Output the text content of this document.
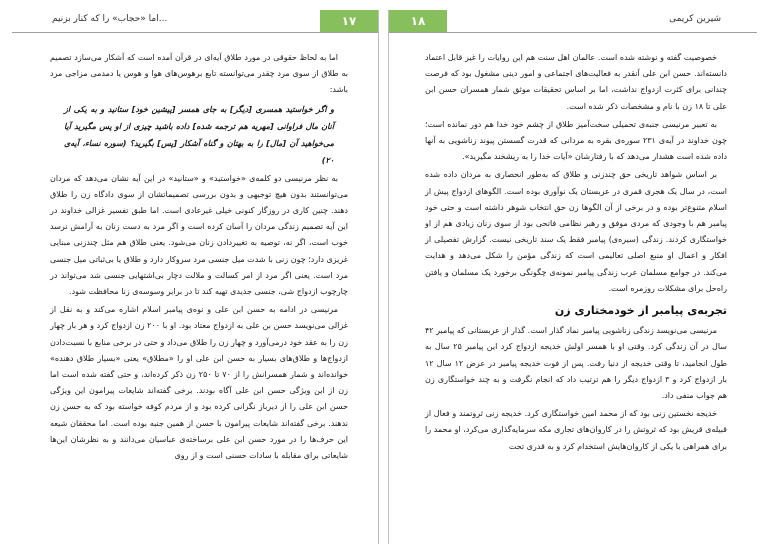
اما «حجاب» را که کنار بزنیم...	۱۷

اما به لحاظ حقوقی در مورد طلاق آیه‌ای در قرآن آمده است که آشکار می‌سازد تصمیم به طلاق از سوی مرد چقدر می‌توانسته تابع برهوس‌های هوا و هوس یا دمدمی مزاجی مرد باشد:

و اگر خواستید همسری [دیگر] به جای همسر [پیشین خود] ستانید و به یکی از آنان مال فراوانی [مهریه هم ترجمه شده] داده باشید چیزی از او پس مگیرید آیا می‌خواهید آن [مال] را به بهتان و گناه آشکار [پس] بگیرید؟ (سوره نساء، آیه‌ی ۲۰)

به نظر مرنیسی دو کلمه‌ی «خواستید» و «ستانید» در این آیه نشان می‌دهد که مردان می‌توانستند بدون هیچ توجیهی و بدون بررسی تصمیماتشان از سوی دادگاه زن را طلاق دهند. چنین کاری در روزگار کنونی خیلی غیرعادی است. اما طبق تفسیر غزالی خداوند در این آیه تصمیم زندگی مردان را آسان کرده است و اگر مرد به دست زنان به آرامش نرسد خوب است، اگر نه، توصیه به تغییردادن زنان می‌شود. یعنی طلاق هم مثل چندزنی مبنایی غریزی دارد؛ چون زنی با شدت میل جنسی مرد سروکار دارد و طلاق یا بی‌ثباتی میل جنسی مرد است. یعنی اگر مرد از امر کسالت و ملالت دچار بی‌اشتهایی جنسی شد می‌تواند در چارچوب ازدواج شی، جنسی جدیدی تهیه کند تا در برابر وسوسه‌ی زنا محافظت شود.

مرنیسی در ادامه به حسن ابن علی و نوه‌ی پیامبر اسلام اشاره می‌کند و به نقل از غزالی می‌نویسد حسن بن علی به ازدواج معتاد بود. او با ۲۰۰ زن ازدواج کرد و هر بار چهار زن را به عقد خود درمی‌آورد و چهار زن را طلاق می‌داد و حتی در برخی منابع با نسبت‌دادن ازدواج‌ها و طلاق‌های بسیار به حسن ابن علی او را «مطلاق» یعنی «بسیار طلاق دهنده» خوانده‌اند و شمار همسرانش را از ۷۰ تا ۲۵۰ زن ذکر کرده‌اند، و حتی گفته شده است اما زن از این ویژگی حسن ابن علی آگاه بودند. برخی گفته‌اند شایعات پیرامون این ویژگی حسن ابن علی را از دیرباز نگرانی کرده بود و از مردم کوفه خواسته بود که به حسن زن ندهند. برخی گفته‌اند شایعات پیرامون با حسن از همین جنبه بوده است. اما محققان شیعه این حرف‌ها را در مورد حسن ابن علی برساخته‌ی عباسیان می‌دانند و به نظرشان این‌ها شایعاتی برای مقابله با سادات حسنی است و از روی

۱۸	شیرین کریمی

خصوصیت گفته و نوشته شده است. عالمان اهل سنت هم این روایات را غیر قابل اعتماد دانسته‌اند. حسن ابن علی آنقدر به فعالیت‌های اجتماعی و امور دینی مشغول بود که فرصت چندانی برای کثرت ازدواج نداشت، اما بر اساس تحقیقات موثق شمار همسران حسن ابن علی تا ۱۸ زن با نام و مشخصات ذکر شده است.

به تعبیر مرنیسی جنبه‌ی تحمیلی سخت‌آمیز طلاق از چشم خود خدا هم دور نمانده است؛ چون خداوند در آیه‌ی ۲۳۱ سوره‌ی بقره به مردانی که قدرت گسستن پیوند زناشویی به آنها داده شده است هشدار می‌دهد که با رفتارشان «آیات خدا را به ریشخند مگیرید».

بر اساس شواهد تاریخی حق چندزنی و طلاق که به‌طور انحصاری به مردان داده شده است، در سال یک هجری قمری در عربستان یک نوآوری بوده است. الگوهای ازدواج پیش از اسلام متنوع‌تر بوده و در برخی از آن الگوها زن حق انتخاب شوهر داشته است و حتی خود پیامبر هم با وجودی که مردی موفق و رهبر نظامی فاتحی بود از سوی زنان زیادی هم از او خواستگاری کردند. زندگی (سیره‌ی) پیامبر فقط یک سند تاریخی نیست. گزارش تفصیلی از افکار و اعمال او منبع اصلی تعالیمی است که زندگی مؤمن را شکل می‌دهد و هدایت می‌کند. در جوامع مسلمان عرب زندگی پیامبر نمونه‌ی چگونگی برخورد یک مسلمان و یافتن راه‌حل برای مشکلات روزمره است.

تجربه‌ی پیامبر از خودمختاری زن

مرنیسی می‌نویسد زندگی زناشویی پیامبر نماد گذار است. گذار از عربستانی که پیامبر ۴۲ سال در آن زندگی کرد. وقتی او با همسر اولش خدیجه ازدواج کرد این پیامبر ۲۵ سال به طول انجامید، تا وقتی خدیجه از دنیا رفت. پس از فوت خدیجه پیامبر در عرض ۱۲ سال ۱۲ بار ازدواج کرد و ۳ ازدواج دیگر را هم ترتیب داد که انجام نگرفت و به چند خواستگاری زن هم جواب منفی داد.

خدیجه نخستین زنی بود که از محمد امین خواستگاری کرد. خدیجه زنی ثروتمند و فعال از قبیله‌ی قریش بود که ثروتش را در کاروان‌های تجاری مکه سرمایه‌گذاری می‌کرد، او محمد را برای همراهی با یکی از کاروان‌هایش استخدام کرد و به قدری تحت
